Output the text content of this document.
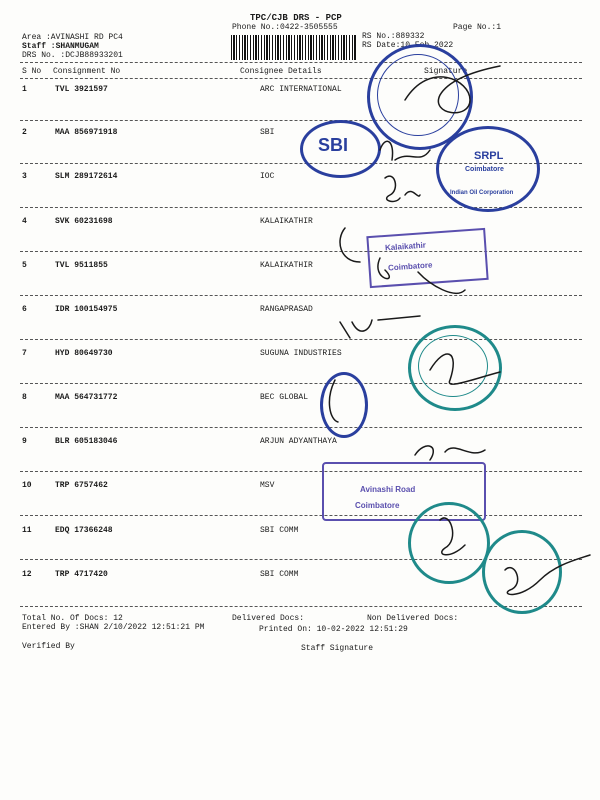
TPC/CJB DRS - PCP
Phone No.:0422-3505555	Page No.:1
RS No.:889332
RS Date:10 Feb 2022
Area :AVINASHI RD PC4
Staff :SHANMUGAM
DRS No. :DCJB88933201
S No Consignment No	Consignee Details	Signature
1	TVL 3921597	ARC INTERNATIONAL
2	MAA 856971918	SBI
3	SLM 289172614	IOC
4	SVK 60231698	KALAIKATHIR
5	TVL 9511855	KALAIKATHIR
6	IDR 100154975	RANGAPRASAD
7	HYD 80649730	SUGUNA INDUSTRIES
8	MAA 564731772	BEC GLOBAL
9	BLR 605183046	ARJUN ADYANTHAYA
10	TRP 6757462	MSV
11	EDQ 17366248	SBI COMM
12	TRP 4717420	SBI COMM
Total No. Of Docs: 12	Delivered Docs:	Non Delivered Docs:
Entered By :SHAN 2/10/2022 12:51:21 PM	Printed On: 10-02-2022 12:51:29
Verified By	Staff Signature
SBI
SRPL
Coimbatore
Indian Oil Corporation
Kalaikathir
Coimbatore
Avinashi Road
Coimbatore
